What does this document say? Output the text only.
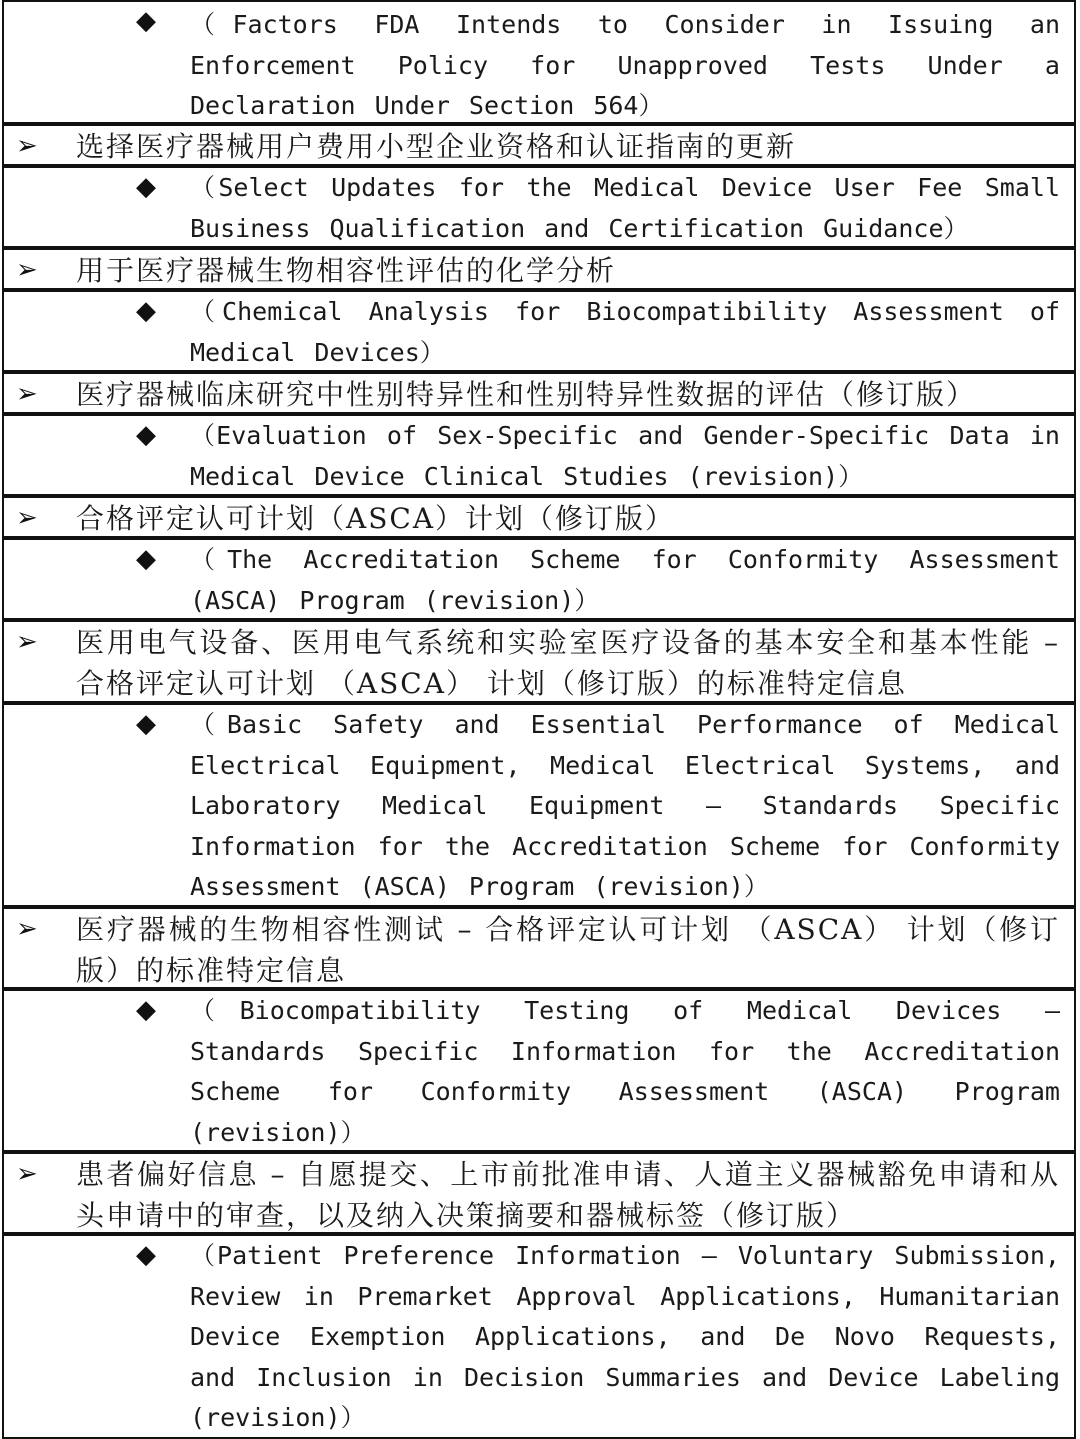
◆ （Factors FDA Intends to Consider in Issuing an Enforcement Policy for Unapproved Tests Under a Declaration Under Section 564）
➢ 选择医疗器械用户费用小型企业资格和认证指南的更新
◆ （Select Updates for the Medical Device User Fee Small Business Qualification and Certification Guidance）
➢ 用于医疗器械生物相容性评估的化学分析
◆ （Chemical Analysis for Biocompatibility Assessment of Medical Devices）
➢ 医疗器械临床研究中性别特异性和性别特异性数据的评估（修订版）
◆ （Evaluation of Sex-Specific and Gender-Specific Data in Medical Device Clinical Studies (revision)）
➢ 合格评定认可计划（ASCA）计划（修订版）
◆ （The Accreditation Scheme for Conformity Assessment (ASCA) Program (revision)）
➢ 医用电气设备、医用电气系统和实验室医疗设备的基本安全和基本性能 – 合格评定认可计划 （ASCA） 计划（修订版）的标准特定信息
◆ （Basic Safety and Essential Performance of Medical Electrical Equipment, Medical Electrical Systems, and Laboratory Medical Equipment – Standards Specific Information for the Accreditation Scheme for Conformity Assessment (ASCA) Program (revision)）
➢ 医疗器械的生物相容性测试 – 合格评定认可计划 （ASCA） 计划（修订版）的标准特定信息
◆ （Biocompatibility Testing of Medical Devices – Standards Specific Information for the Accreditation Scheme for Conformity Assessment (ASCA) Program (revision)）
➢ 患者偏好信息 – 自愿提交、上市前批准申请、人道主义器械豁免申请和从头申请中的审查，以及纳入决策摘要和器械标签（修订版）
◆ （Patient Preference Information – Voluntary Submission, Review in Premarket Approval Applications, Humanitarian Device Exemption Applications, and De Novo Requests, and Inclusion in Decision Summaries and Device Labeling (revision)）
